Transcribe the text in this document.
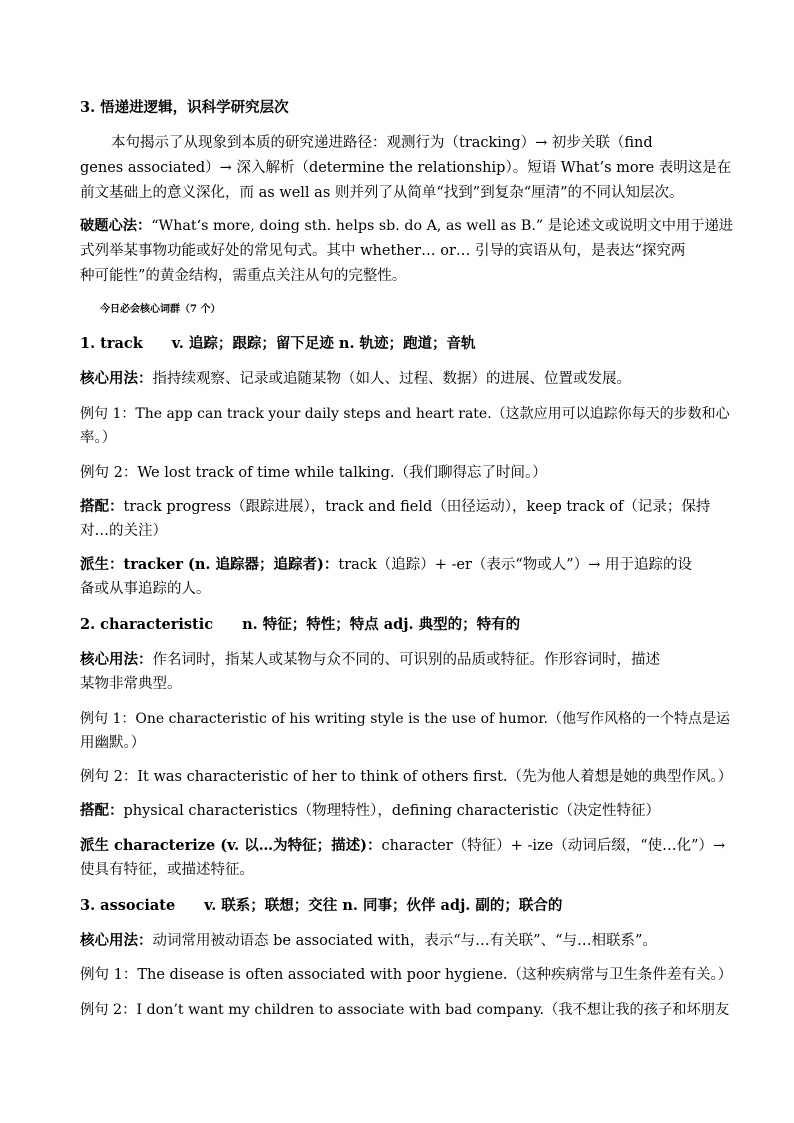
3. 悟递进逻辑，识科学研究层次
本句揭示了从现象到本质的研究递进路径：观测行为（tracking）→ 初步关联（find
genes associated）→ 深入解析（determine the relationship）。短语 What’s more 表明这是在
前文基础上的意义深化，而 as well as 则并列了从简单“找到”到复杂“厘清”的不同认知层次。
破题心法：“What‘s more, doing sth. helps sb. do A, as well as B.” 是论述文或说明文中用于递进
式列举某事物功能或好处的常见句式。其中 whether… or… 引导的宾语从句，是表达“探究两
种可能性”的黄金结构，需重点关注从句的完整性。
今日必会核心词群（7 个）
1. track　　v. 追踪；跟踪；留下足迹 n. 轨迹；跑道；音轨
核心用法：指持续观察、记录或追随某物（如人、过程、数据）的进展、位置或发展。
例句 1：The app can track your daily steps and heart rate.（这款应用可以追踪你每天的步数和心
率。）
例句 2：We lost track of time while talking.（我们聊得忘了时间。）
搭配：track progress（跟踪进展），track and field（田径运动），keep track of（记录；保持
对…的关注）
派生：tracker (n. 追踪器；追踪者)：track（追踪）+ -er（表示“物或人”）→ 用于追踪的设
备或从事追踪的人。
2. characteristic　　n. 特征；特性；特点 adj. 典型的；特有的
核心用法：作名词时，指某人或某物与众不同的、可识别的品质或特征。作形容词时，描述
某物非常典型。
例句 1：One characteristic of his writing style is the use of humor.（他写作风格的一个特点是运
用幽默。）
例句 2：It was characteristic of her to think of others first.（先为他人着想是她的典型作风。）
搭配：physical characteristics（物理特性），defining characteristic（决定性特征）
派生 characterize (v. 以…为特征；描述)：character（特征）+ -ize（动词后缀，“使…化”）→
使具有特征，或描述特征。
3. associate　　v. 联系；联想；交往 n. 同事；伙伴 adj. 副的；联合的
核心用法：动词常用被动语态 be associated with，表示“与…有关联”、“与…相联系”。
例句 1：The disease is often associated with poor hygiene.（这种疾病常与卫生条件差有关。）
例句 2：I don’t want my children to associate with bad company.（我不想让我的孩子和坏朋友
